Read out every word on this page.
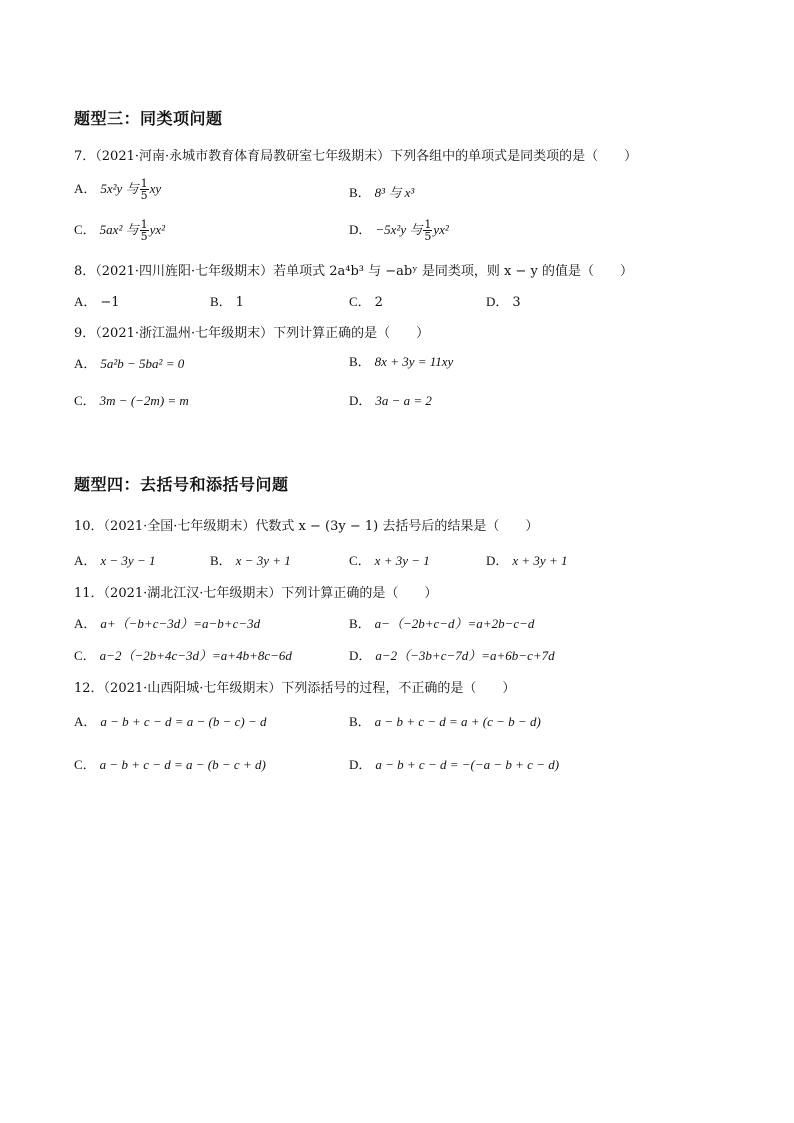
题型三：同类项问题
7．（2021·河南·永城市教育体育局教研室七年级期末）下列各组中的单项式是同类项的是（　　）
A． 5x²y 与 $\frac{1}{5}$ xy	B． 8³ 与 x³
C． 5ax² 与 $\frac{1}{5} yx^2$	D． −5x²y 与 $\frac{1}{5} yx^2$
8．（2021·四川旌阳·七年级期末）若单项式 2a⁴b³ 与 −abʸ 是同类项，则 x − y 的值是（　　）
A． −1	B． 1	C． 2	D． 3
9．（2021·浙江温州·七年级期末）下列计算正确的是（　　）
A． 5a²b − 5ba² = 0	B． 8x + 3y = 11xy
C． 3m − (−2m) = m	D． 3a − a = 2
题型四：去括号和添括号问题
10．（2021·全国·七年级期末）代数式 x − (3y − 1) 去括号后的结果是（　　）
A． x − 3y − 1	B． x − 3y + 1	C． x + 3y − 1	D． x + 3y + 1
11．（2021·湖北江汉·七年级期末）下列计算正确的是（　　）
A． a+（−b+c−3d）=a−b+c−3d	B． a−（−2b+c−d）=a+2b−c−d
C． a−2（−2b+4c−3d）=a+4b+8c−6d	D． a−2（−3b+c−7d）=a+6b−c+7d
12．（2021·山西阳城·七年级期末）下列添括号的过程，不正确的是（　　）
A． a − b + c − d = a − (b − c) − d	B． a − b + c − d = a + (c − b − d)
C． a − b + c − d = a − (b − c + d)	D． a − b + c − d = −(−a − b + c − d)
